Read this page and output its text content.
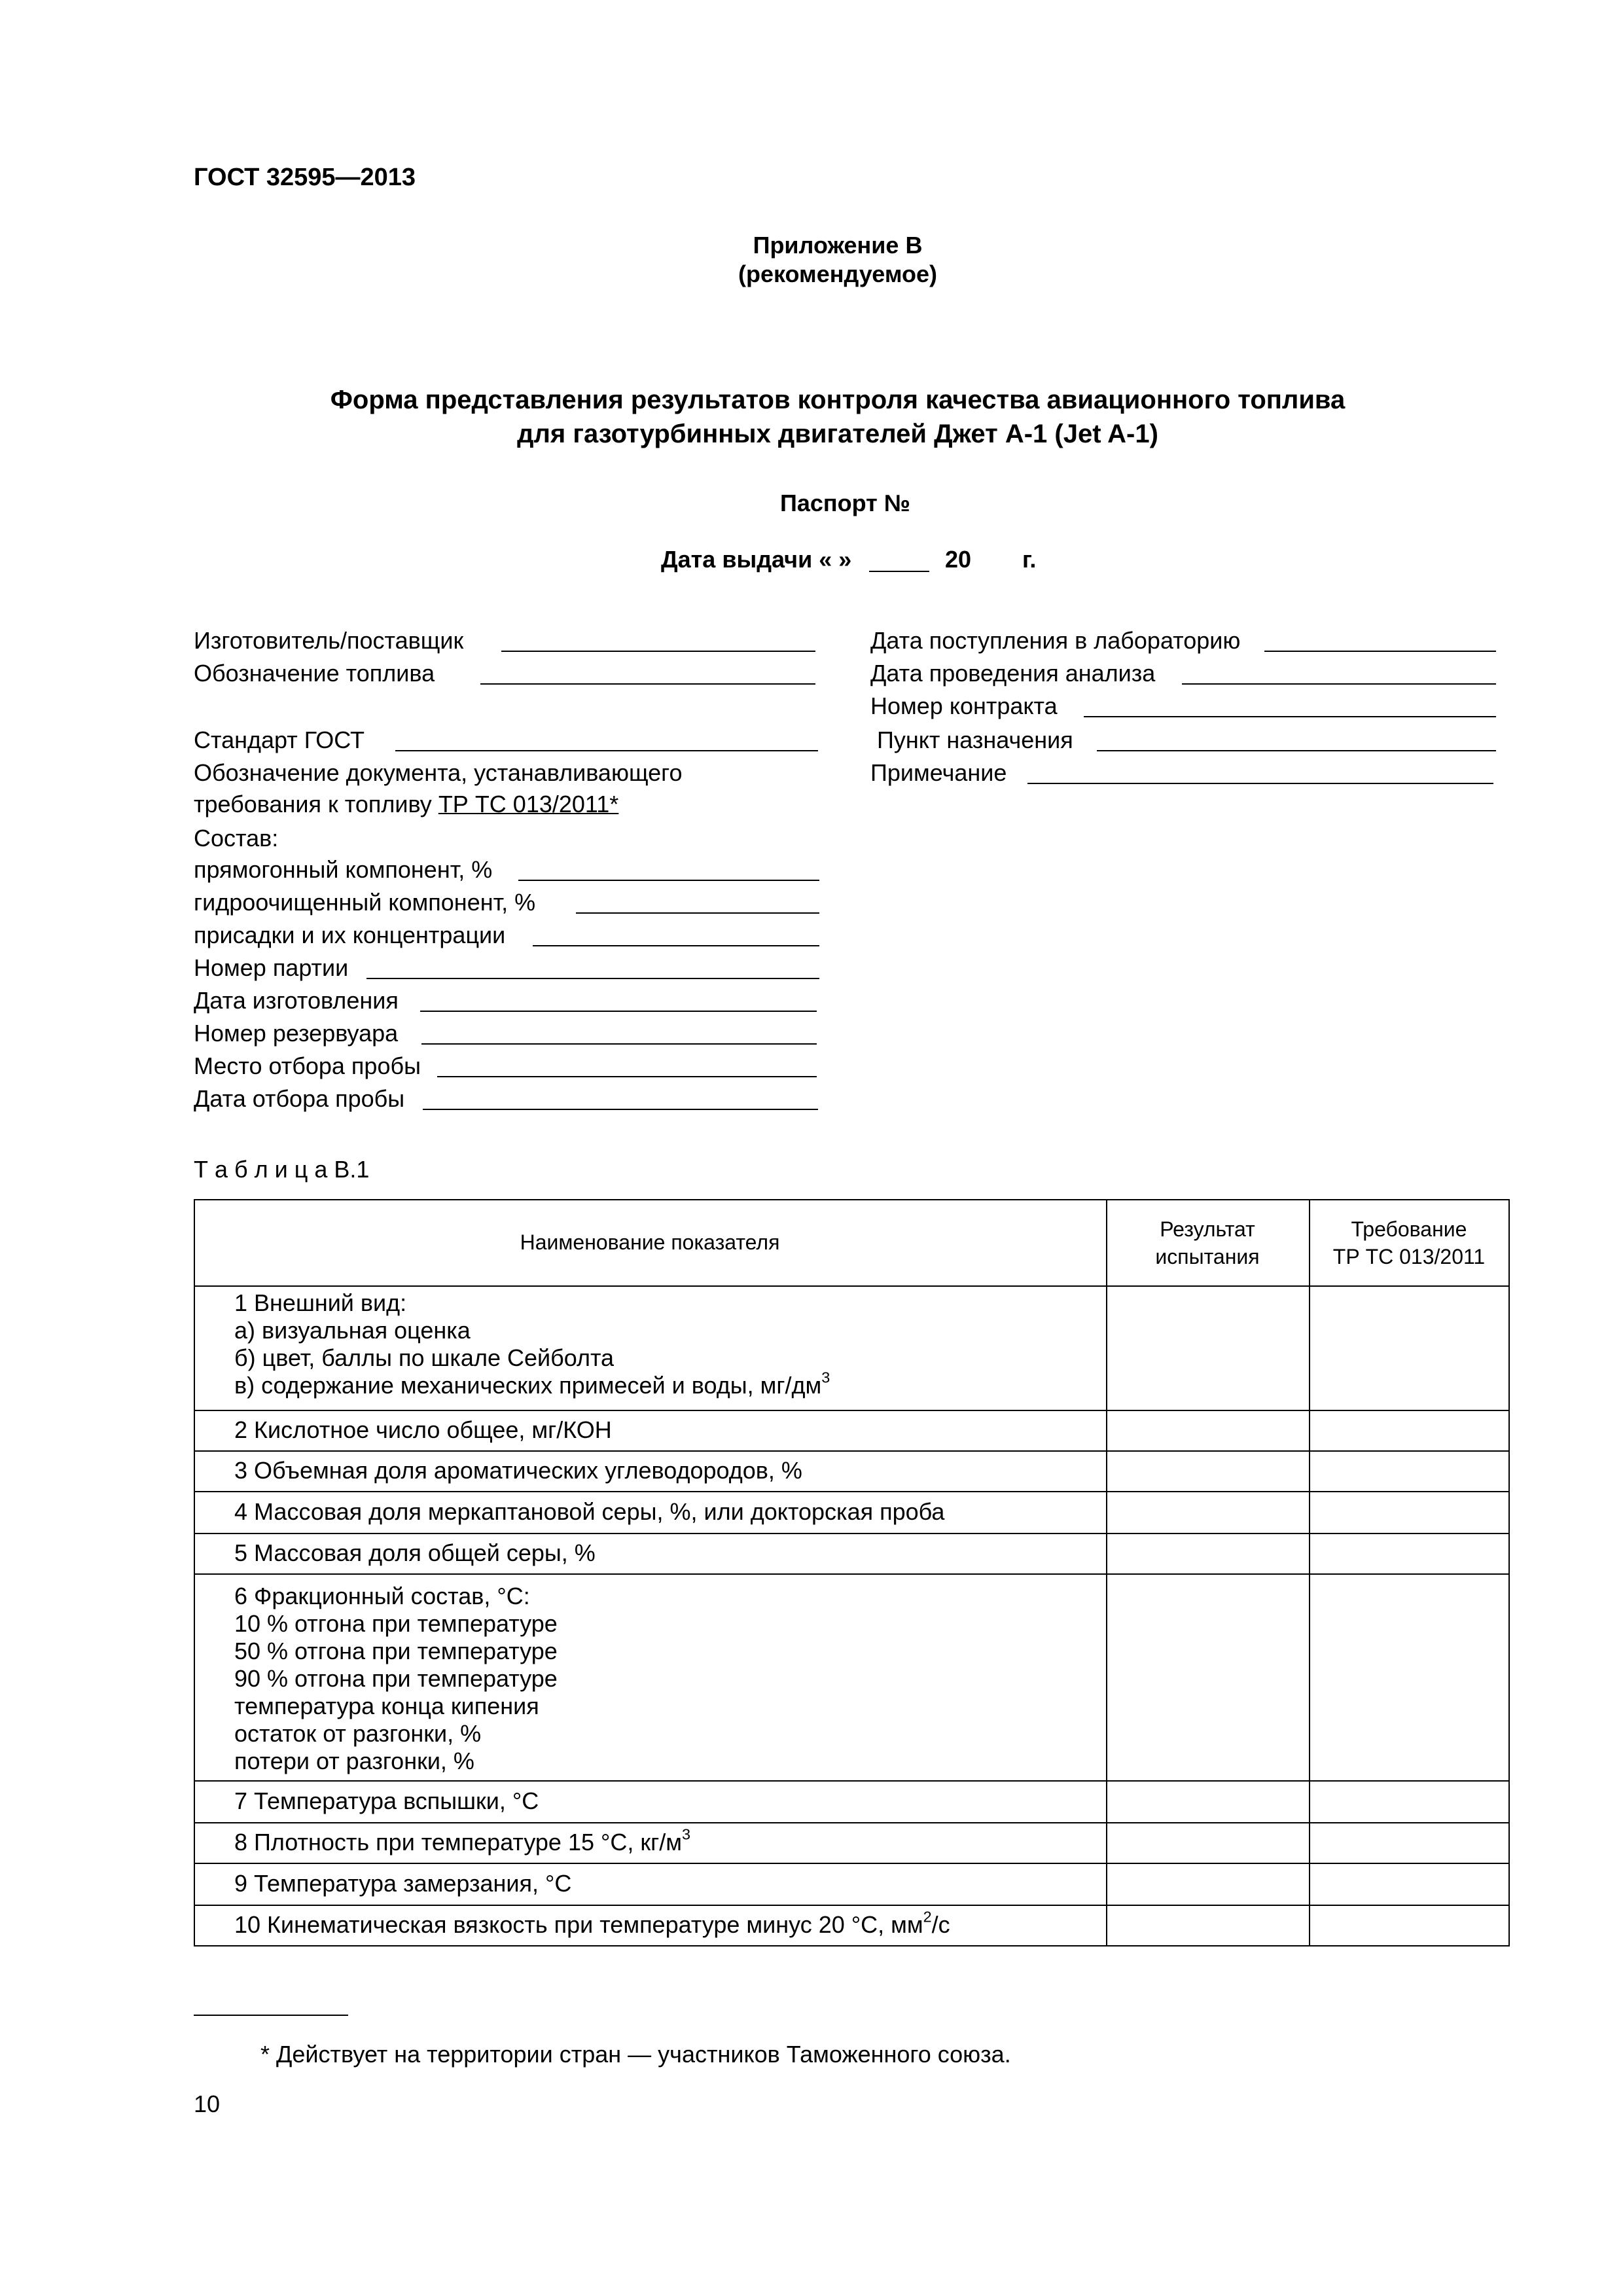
ГОСТ 32595—2013
Приложение В
(рекомендуемое)
Форма представления результатов контроля качества авиационного топлива
для газотурбинных двигателей Джет А-1 (Jet A-1)
Паспорт №
Дата выдачи « »	20 г.
Изготовитель/поставщик
Обозначение топлива
Стандарт ГОСТ
Обозначение документа, устанавливающего
требования к топливу ТР ТС 013/2011*
Состав:
прямогонный компонент, %
гидроочищенный компонент, %
присадки и их концентрации
Номер партии
Дата изготовления
Номер резервуара
Место отбора пробы
Дата отбора пробы
Дата поступления в лабораторию
Дата проведения анализа
Номер контракта
Пункт назначения
Примечание
Т а б л и ц а В.1
Наименование показателя
Результат
испытания
Требование
ТР ТС 013/2011
1 Внешний вид:
а) визуальная оценка
б) цвет, баллы по шкале Сейболта
в) содержание механических примесей и воды, $мг/дм^3$
2 Кислотное число общее, мг/КОН
3 Объемная доля ароматических углеводородов, %
4 Массовая доля меркаптановой серы, %, или докторская проба
5 Массовая доля общей серы, %
6 Фракционный состав, °С:
10 % отгона при температуре
50 % отгона при температуре
90 % отгона при температуре
температура конца кипения
остаток от разгонки, %
потери от разгонки, %
7 Температура вспышки, °С
8 Плотность при температуре 15 °С, $кг/м^3$
9 Температура замерзания, °С
10 Кинематическая вязкость при температуре минус 20 °С, $мм^2/с$
* Действует на территории стран — участников Таможенного союза.
10
